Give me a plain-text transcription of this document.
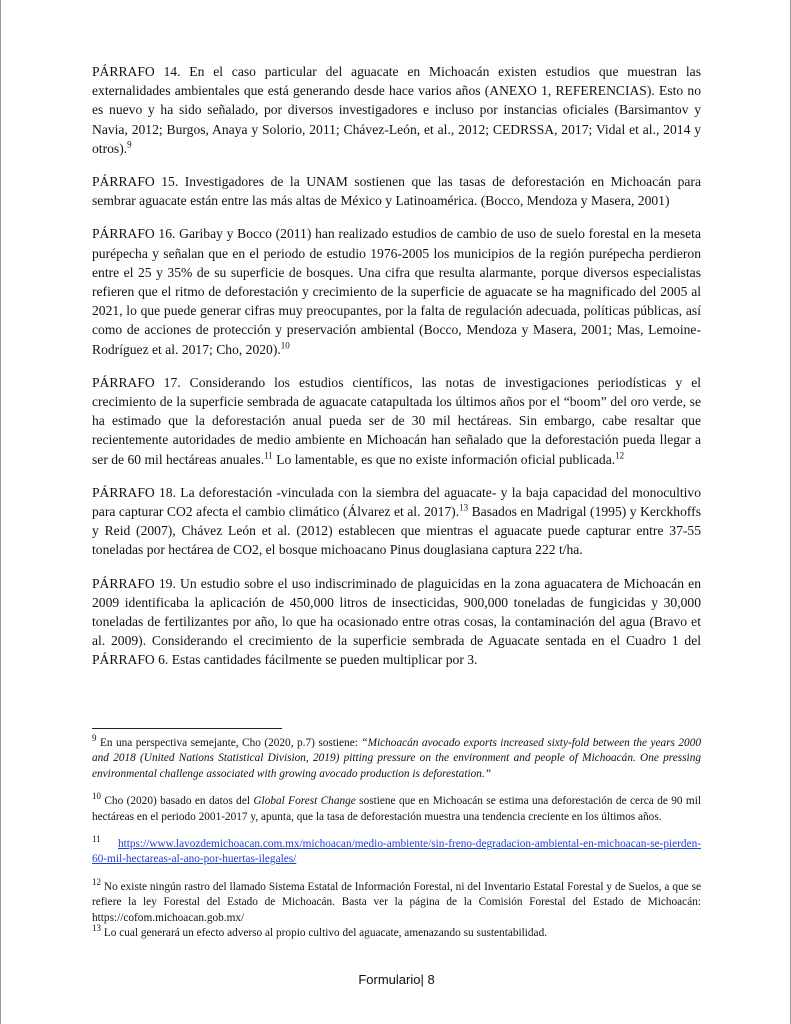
PÁRRAFO 14. En el caso particular del aguacate en Michoacán existen estudios que muestran las externalidades ambientales que está generando desde hace varios años (ANEXO 1, REFERENCIAS). Esto no es nuevo y ha sido señalado, por diversos investigadores e incluso por instancias oficiales (Barsimantov y Navia, 2012; Burgos, Anaya y Solorio, 2011; Chávez-León, et al., 2012; CEDRSSA, 2017; Vidal et al., 2014 y otros).$^9$

PÁRRAFO 15. Investigadores de la UNAM sostienen que las tasas de deforestación en Michoacán para sembrar aguacate están entre las más altas de México y Latinoamérica. (Bocco, Mendoza y Masera, 2001)

PÁRRAFO 16. Garibay y Bocco (2011) han realizado estudios de cambio de uso de suelo forestal en la meseta purépecha y señalan que en el periodo de estudio 1976-2005 los municipios de la región purépecha perdieron entre el 25 y 35% de su superficie de bosques. Una cifra que resulta alarmante, porque diversos especialistas refieren que el ritmo de deforestación y crecimiento de la superficie de aguacate se ha magnificado del 2005 al 2021, lo que puede generar cifras muy preocupantes, por la falta de regulación adecuada, políticas públicas, así como de acciones de protección y preservación ambiental (Bocco, Mendoza y Masera, 2001; Mas, Lemoine-Rodríguez et al. 2017; Cho, 2020).$^{10}$

PÁRRAFO 17. Considerando los estudios científicos, las notas de investigaciones periodísticas y el crecimiento de la superficie sembrada de aguacate catapultada los últimos años por el “boom” del oro verde, se ha estimado que la deforestación anual pueda ser de 30 mil hectáreas. Sin embargo, cabe resaltar que recientemente autoridades de medio ambiente en Michoacán han señalado que la deforestación pueda llegar a ser de 60 mil hectáreas anuales.$^{11}$ Lo lamentable, es que no existe información oficial publicada.$^{12}$

PÁRRAFO 18. La deforestación -vinculada con la siembra del aguacate- y la baja capacidad del monocultivo para capturar CO2 afecta el cambio climático (Álvarez et al. 2017).$^{13}$ Basados en Madrigal (1995) y Kerckhoffs y Reid (2007), Chávez León et al. (2012) establecen que mientras el aguacate puede capturar entre 37-55 toneladas por hectárea de CO2, el bosque michoacano Pinus douglasiana captura 222 t/ha.

PÁRRAFO 19. Un estudio sobre el uso indiscriminado de plaguicidas en la zona aguacatera de Michoacán en 2009 identificaba la aplicación de 450,000 litros de insecticidas, 900,000 toneladas de fungicidas y 30,000 toneladas de fertilizantes por año, lo que ha ocasionado entre otras cosas, la contaminación del agua (Bravo et al. 2009). Considerando el crecimiento de la superficie sembrada de Aguacate sentada en el Cuadro 1 del PÁRRAFO 6. Estas cantidades fácilmente se pueden multiplicar por 3.

$^9$ En una perspectiva semejante, Cho (2020, p.7) sostiene: “Michoacán avocado exports increased sixty-fold between the years 2000 and 2018 (United Nations Statistical Division, 2019) pitting pressure on the environment and people of Michoacán. One pressing environmental challenge associated with growing avocado production is deforestation.”

$^{10}$ Cho (2020) basado en datos del Global Forest Change sostiene que en Michoacán se estima una deforestación de cerca de 90 mil hectáreas en el periodo 2001-2017 y, apunta, que la tasa de deforestación muestra una tendencia creciente en los últimos años.

$^{11}$ https://www.lavozdemichoacan.com.mx/michoacan/medio-ambiente/sin-freno-degradacion-ambiental-en-michoacan-se-pierden-60-mil-hectareas-al-ano-por-huertas-ilegales/

$^{12}$ No existe ningún rastro del llamado Sistema Estatal de Información Forestal, ni del Inventario Estatal Forestal y de Suelos, a que se refiere la ley Forestal del Estado de Michoacán. Basta ver la página de la Comisión Forestal del Estado de Michoacán: https://cofom.michoacan.gob.mx/

$^{13}$ Lo cual generará un efecto adverso al propio cultivo del aguacate, amenazando su sustentabilidad.

Formulario| 8
